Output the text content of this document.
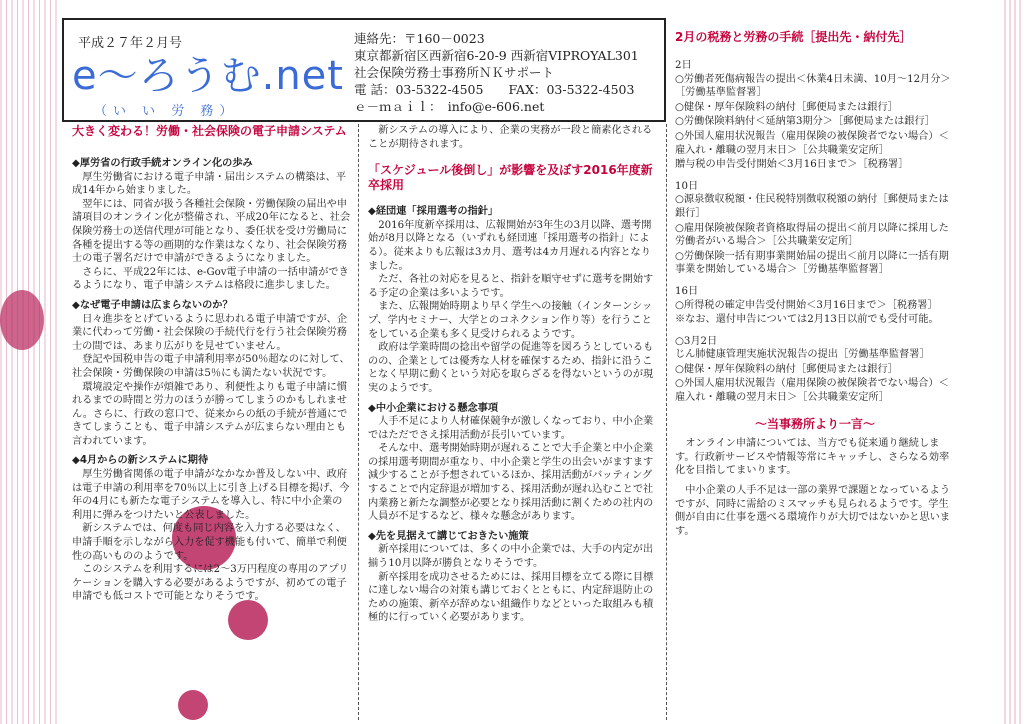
平成２７年２月号
e～ろうむ.net
（い い 労 務）
連絡先：〒160－0023
東京都新宿区西新宿6-20-9 西新宿VIPROYAL301
社会保険労務士事務所ＮＫサポート
電 話：03-5322-4505　　FAX：03-5322-4503
ｅ－ｍａｉｌ：　info@e-606.net
大きく変わる！労働・社会保険の電子申請システム
◆厚労省の行政手続オンライン化の歩み

厚生労働省における電子申請・届出システムの構築は、平成14年から始まりました。

翌年には、同省が扱う各種社会保険・労働保険の届出や申請項目のオンライン化が整備され、平成20年になると、社会保険労務士の送信代理が可能となり、委任状を受け労働局に各種を提出する等の画期的な作業はなくなり、社会保険労務士の電子署名だけで申請ができるようになりました。

さらに、平成22年には、e-Gov電子申請の一括申請ができるようになり、電子申請システムは格段に進歩しました。

◆なぜ電子申請は広まらないのか？

日々進歩をとげているように思われる電子申請ですが、企業に代わって労働・社会保険の手続代行を行う社会保険労務士の間では、あまり広がりを見せていません。

登記や国税申告の電子申請利用率が50％超なのに対して、社会保険・労働保険の申請は5％にも満たない状況です。

環境設定や操作が煩雑であり、利便性よりも電子申請に慣れるまでの時間と労力のほうが勝ってしまうのかもしれません。さらに、行政の窓口で、従来からの紙の手続が普通にできてしまうことも、電子申請システムが広まらない理由とも言われています。

◆4月からの新システムに期待

厚生労働省関係の電子申請がなかなか普及しない中、政府は電子申請の利用率を70％以上に引き上げる目標を掲げ、今年の4月にも新たな電子システムを導入し、特に中小企業の利用に弾みをつけたいと公表しました。

新システムでは、何度も同じ内容を入力する必要はなく、申請手順を示しながら入力を促す機能も付いて、簡単で利便性の高いもののようです。

このシステムを利用するには2～3万円程度の専用のアプリケーションを購入する必要があるようですが、初めての電子申請でも低コストで可能となりそうです。

新システムの導入により、企業の実務が一段と簡素化されることが期待されます。

「スケジュール後倒し」が影響を及ぼす2016年度新卒採用
◆経団連「採用選考の指針」

2016年度新卒採用は、広報開始が3年生の3月以降、選考開始が8月以降となる（いずれも経団連「採用選考の指針」による）。従来よりも広報は3カ月、選考は4カ月遅れる内容となりました。

ただ、各社の対応を見ると、指針を順守せずに選考を開始する予定の企業は多いようです。

また、広報開始時期より早く学生への接触（インターンシップ、学内セミナー、大学とのコネクション作り等）を行うことをしている企業も多く見受けられるようです。

政府は学業時間の捻出や留学の促進等を図ろうとしているものの、企業としては優秀な人材を確保するため、指針に沿うことなく早期に動くという対応を取らざるを得ないというのが現実のようです。

◆中小企業における懸念事項

人手不足により人材確保競争が激しくなっており、中小企業ではただでさえ採用活動が長引いています。

そんな中、選考開始時期が遅れることで大手企業と中小企業の採用選考期間が重なり、中小企業と学生の出会いがますます減少することが予想されているほか、採用活動がバッティングすることで内定辞退が増加する、採用活動が遅れ込むことで社内業務と新たな調整が必要となり採用活動に割くための社内の人員が不足するなど、様々な懸念があります。

◆先を見据えて講じておきたい施策

新卒採用については、多くの中小企業では、大手の内定が出揃う10月以降が勝負となりそうです。

新卒採用を成功させるためには、採用目標を立てる際に目標に達しない場合の対策も講じておくとともに、内定辞退防止のための施策、新卒が辞めない組織作りなどといった取組みも積極的に行っていく必要があります。

2月の税務と労務の手続［提出先・納付先］
2日
○労働者死傷病報告の提出＜休業4日未満、10月～12月分＞［労働基準監督署］
○健保・厚年保険料の納付［郵便局または銀行］
○労働保険料納付＜延納第3期分＞［郵便局または銀行］
○外国人雇用状況報告（雇用保険の被保険者でない場合）＜雇入れ・離職の翌月末日＞［公共職業安定所］
贈与税の申告受付開始＜3月16日まで＞［税務署］
10日
○源泉徴収税額・住民税特別徴収税額の納付［郵便局または銀行］
○雇用保険被保険者資格取得届の提出＜前月以降に採用した労働者がいる場合＞［公共職業安定所］
○労働保険一括有期事業開始届の提出＜前月以降に一括有期事業を開始している場合＞［労働基準監督署］
16日
○所得税の確定申告受付開始＜3月16日まで＞［税務署］
※なお、還付申告については2月13日以前でも受付可能。
○3月2日
じん肺健康管理実施状況報告の提出［労働基準監督署］
○健保・厚年保険料の納付［郵便局または銀行］
○外国人雇用状況報告（雇用保険の被保険者でない場合）＜雇入れ・離職の翌月末日＞［公共職業安定所］
～当事務所より一言～

オンライン申請については、当方でも従来通り継続します。行政新サービスや情報等常にキャッチし、さらなる効率化を目指してまいります。

中小企業の人手不足は一部の業界で課題となっているようですが、同時に需給のミスマッチも見られるようです。学生側が自由に仕事を選べる環境作りが大切ではないかと思います。
